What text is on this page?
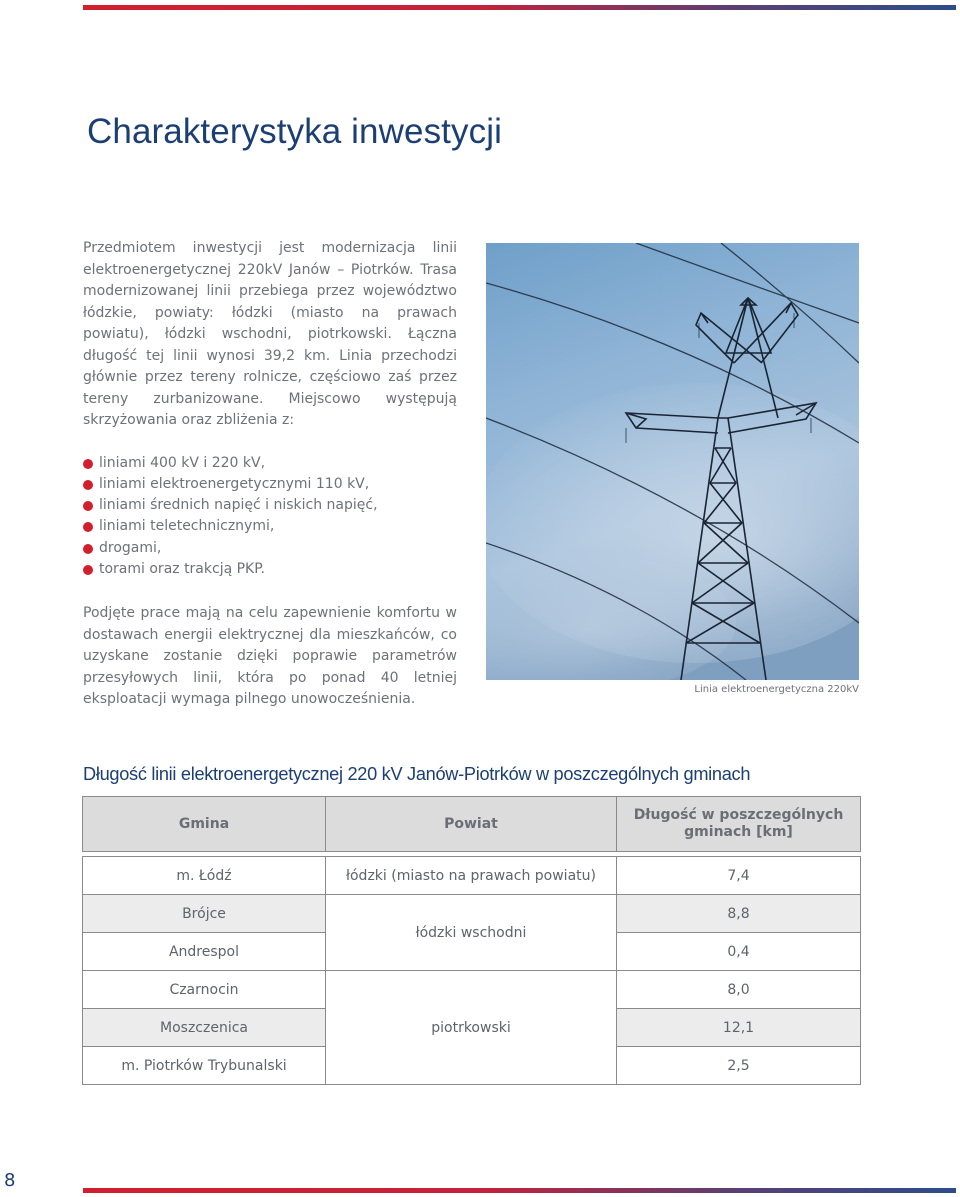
Charakterystyka inwestycji

Przedmiotem inwestycji jest modernizacja linii elektroenergetycznej 220kV Janów – Piotrków. Trasa modernizowanej linii przebiega przez województwo łódzkie, powiaty: łódzki (miasto na prawach powiatu), łódzki wschodni, piotrkowski. Łączna długość tej linii wynosi 39,2 km. Linia przechodzi głównie przez tereny rolnicze, częściowo zaś przez tereny zurbanizowane. Miejscowo występują skrzyżowania oraz zbliżenia z:

liniami 400 kV i 220 kV,
liniami elektroenergetycznymi 110 kV,
liniami średnich napięć i niskich napięć,
liniami teletechnicznymi,
drogami,
torami oraz trakcją PKP.

Podjęte prace mają na celu zapewnienie komfortu w dostawach energii elektrycznej dla mieszkańców, co uzyskane zostanie dzięki poprawie parametrów przesyłowych linii, która po ponad 40 letniej eksploatacji wymaga pilnego unowocześnienia.

Linia elektroenergetyczna 220kV
Długość linii elektroenergetycznej 220 kV Janów-Piotrków w poszczególnych gminach
Gmina	Powiat	Długość w poszczególnych gminach [km]

m. Łódź	łódzki (miasto na prawach powiatu)	7,4
Brójce	łódzki wschodni	8,8
Andrespol		0,4
Czarnocin	piotrkowski	8,0
Moszczenica		12,1
m. Piotrków Trybunalski		2,5
8
